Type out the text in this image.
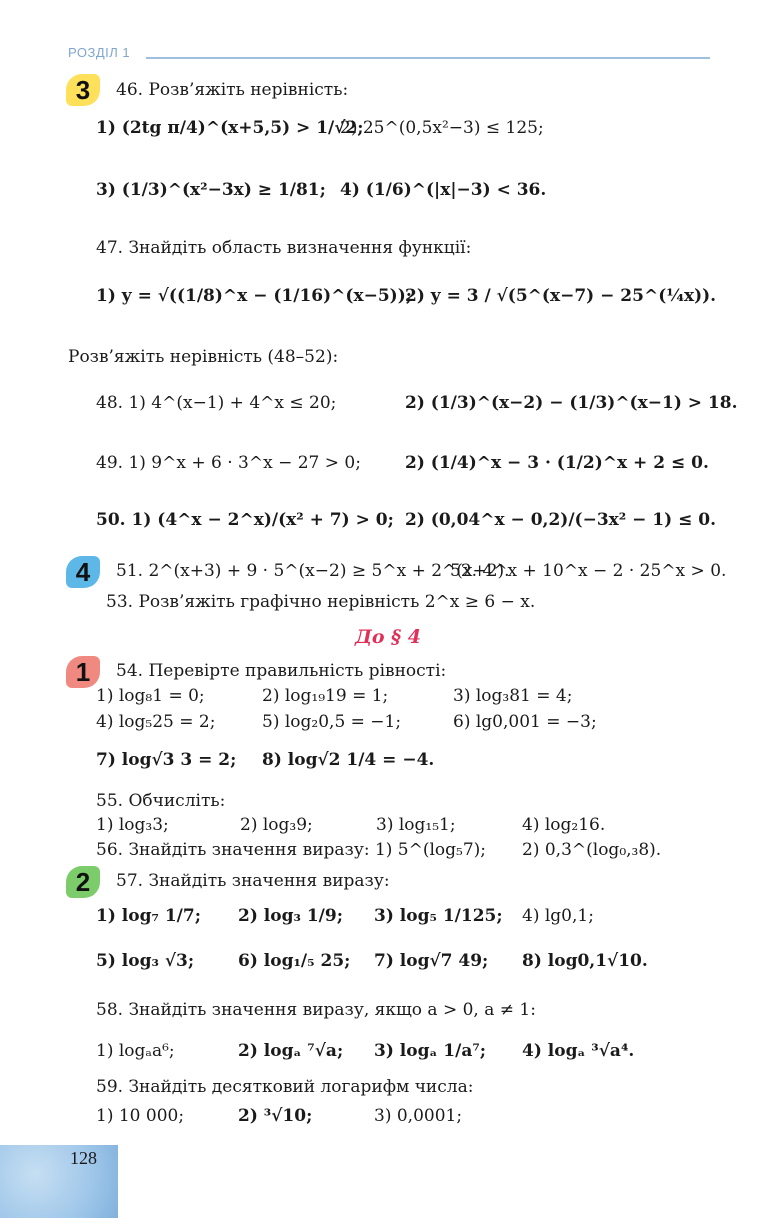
РОЗДІЛ 1
3	46. Розв’яжіть нерівність:
1) (2tg π/4)^(x+5,5) > 1/√2;
2) 25^(0,5x²−3) ≤ 125;
3) (1/3)^(x²−3x) ≥ 1/81; 4) (1/6)^(|x|−3) < 36.
47. Знайдіть область визначення функції:
1) y = √((1/8)^x − (1/16)^(x−5));
2) y = 3 / √(5^(x−7) − 25^(¼x)).
Розв’яжіть нерівність (48–52):
48. 1) 4^(x−1) + 4^x ≤ 20;	2) (1/3)^(x−2) − (1/3)^(x−1) > 18.
49. 1) 9^x + 6 · 3^x − 27 > 0;	2) (1/4)^x − 3 · (1/2)^x + 2 ≤ 0.
50. 1) (4^x − 2^x)/(x² + 7) > 0; 2) (0,04^x − 0,2)/(−3x² − 1) ≤ 0.
4	51. 2^(x+3) + 9 · 5^(x−2) ≥ 5^x + 2^(x+2).
52. 4^x + 10^x − 2 · 25^x > 0.
53. Розв’яжіть графічно нерівність 2^x ≥ 6 − x.
До § 4
1	54. Перевірте правильність рівності:
1) log₈1 = 0;	2) log₁₉19 = 1;	3) log₃81 = 4;
4) log₅25 = 2;	5) log₂0,5 = −1;	6) lg0,001 = −3;
7) log√3 3 = 2; 8) log√2 1/4 = −4.
55. Обчисліть:
1) log₃3;	2) log₃9;	3) log₁₅1;	4) log₂16.
56. Знайдіть значення виразу: 1) 5^(log₅7); 2) 0,3^(log₀,₃8).
2	57. Знайдіть значення виразу:
1) log₇ 1/7; 2) log₃ 1/9; 3) log₅ 1/125; 4) lg0,1;
5) log₃ √3;	6) log₁/₅ 25; 7) log√7 49; 8) log0,1√10.
58. Знайдіть значення виразу, якщо a > 0, a ≠ 1:
1) logₐa⁶;	2) logₐ ⁷√a; 3) logₐ 1/a⁷; 4) logₐ ³√a⁴.
59. Знайдіть десятковий логарифм числа:
1) 10 000;	2) ³√10;	3) 0,0001;
128
